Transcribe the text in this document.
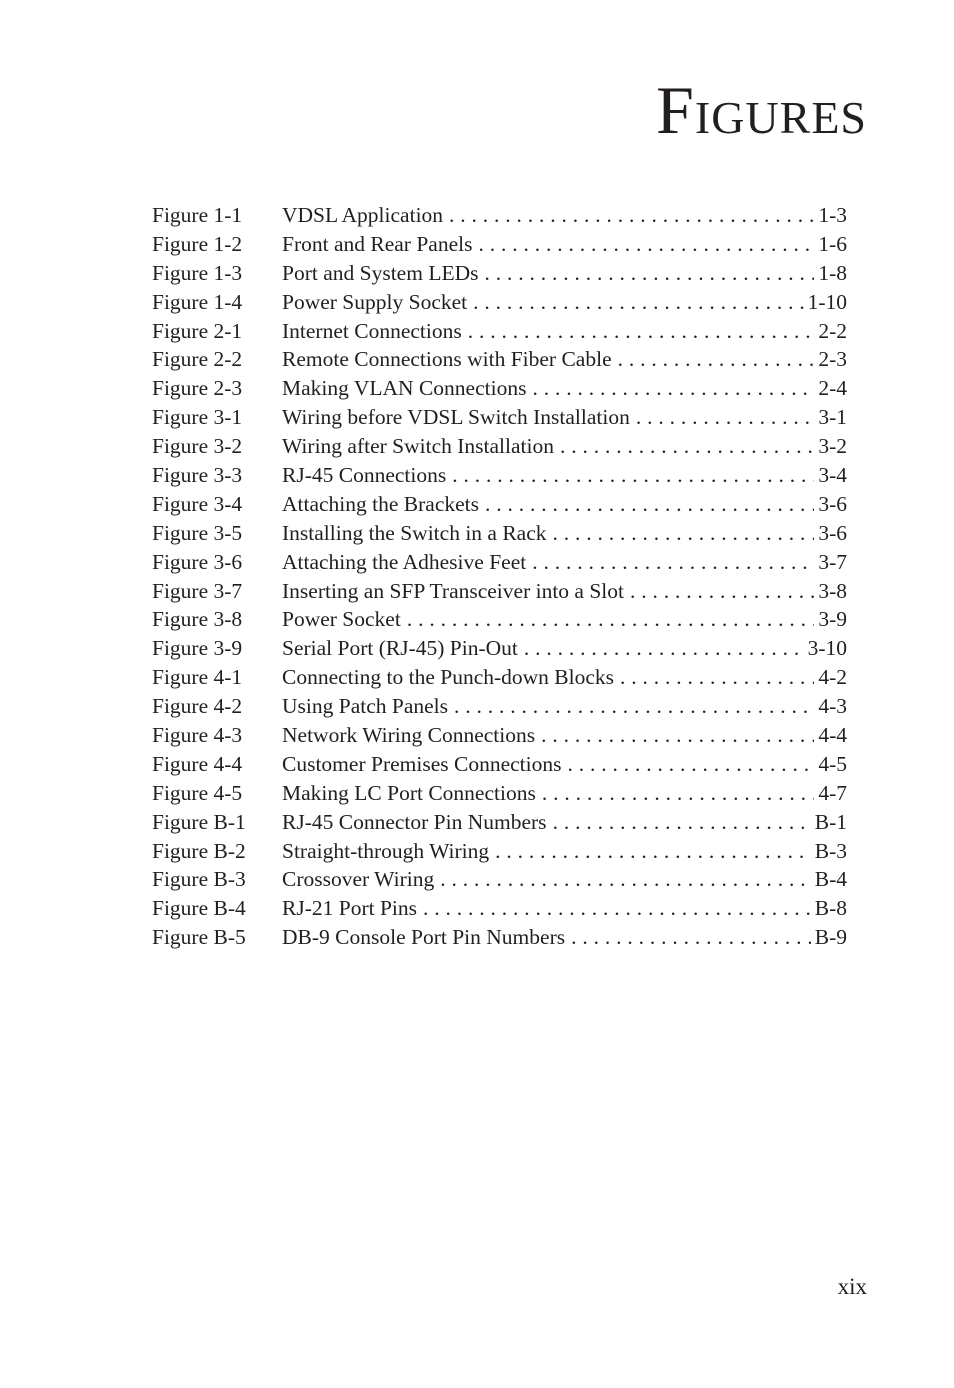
FIGURES
Figure 1-1	VDSL Application . . .	1-3
Figure 1-2	Front and Rear Panels . . .	1-6
Figure 1-3	Port and System LEDs . . .	1-8
Figure 1-4	Power Supply Socket . . .	1-10
Figure 2-1	Internet Connections . . .	2-2
Figure 2-2	Remote Connections with Fiber Cable . . .	2-3
Figure 2-3	Making VLAN Connections . . .	2-4
Figure 3-1	Wiring before VDSL Switch Installation . . .	3-1
Figure 3-2	Wiring after Switch Installation . . .	3-2
Figure 3-3	RJ-45 Connections . . .	3-4
Figure 3-4	Attaching the Brackets . . .	3-6
Figure 3-5	Installing the Switch in a Rack . . .	3-6
Figure 3-6	Attaching the Adhesive Feet . . .	3-7
Figure 3-7	Inserting an SFP Transceiver into a Slot . . .	3-8
Figure 3-8	Power Socket . . .	3-9
Figure 3-9	Serial Port (RJ-45) Pin-Out . . .	3-10
Figure 4-1	Connecting to the Punch-down Blocks . . .	4-2
Figure 4-2	Using Patch Panels . . .	4-3
Figure 4-3	Network Wiring Connections . . .	4-4
Figure 4-4	Customer Premises Connections . . .	4-5
Figure 4-5	Making LC Port Connections . . .	4-7
Figure B-1	RJ-45 Connector Pin Numbers . . .	B-1
Figure B-2	Straight-through Wiring . . .	B-3
Figure B-3	Crossover Wiring . . .	B-4
Figure B-4	RJ-21 Port Pins . . .	B-8
Figure B-5	DB-9 Console Port Pin Numbers . . .	B-9

xix
